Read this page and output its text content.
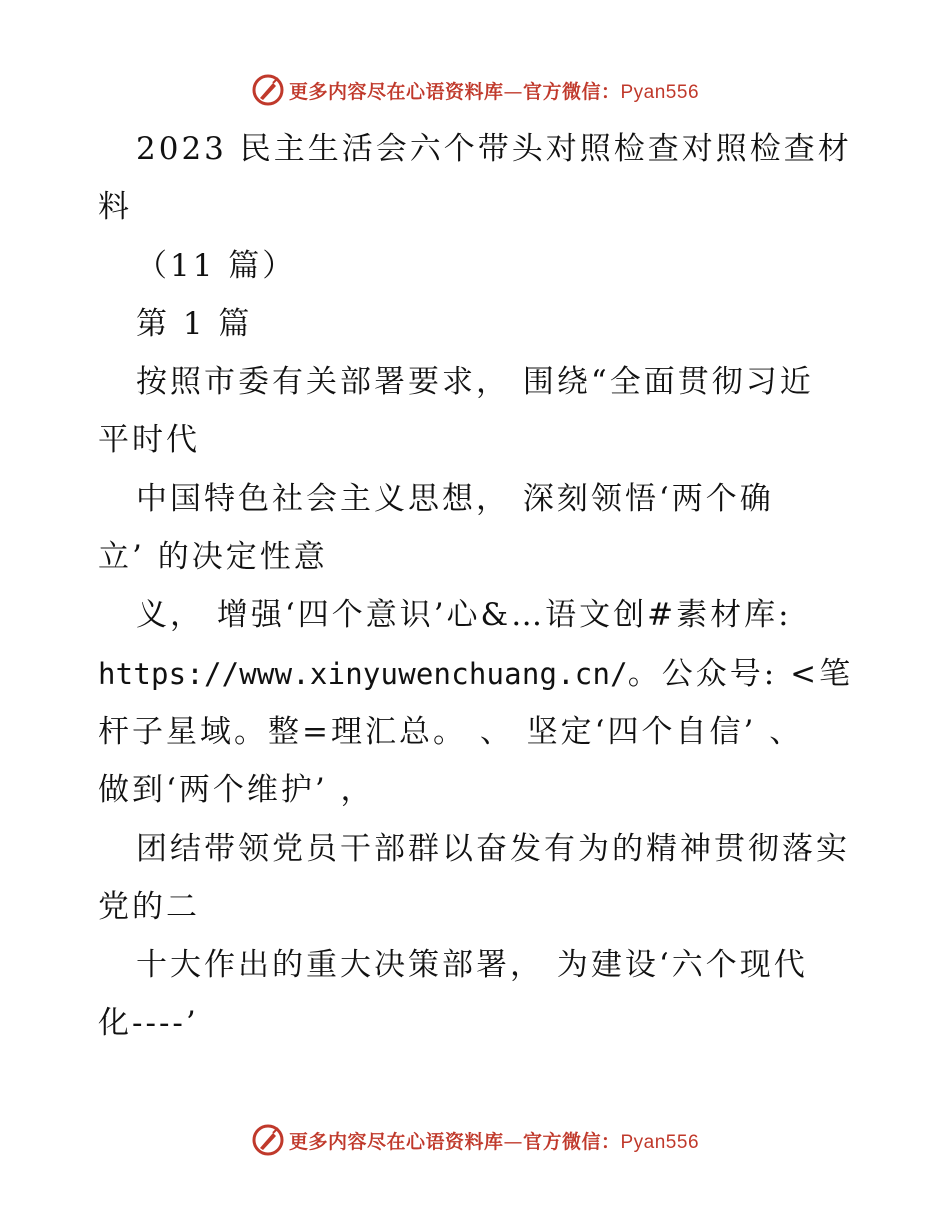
更多内容尽在心语资料库—官方微信：Pyan556
2023 民主生活会六个带头对照检查对照检查材
料
（11 篇）
第 1 篇
按照市委有关部署要求， 围绕“全面贯彻习近
平时代
中国特色社会主义思想， 深刻领悟‘两个确
立’ 的决定性意
义， 增强‘四个意识’心&…语文创#素材库:
https://www.xinyuwenchuang.cn/。公众号: <笔
杆子星域。整=理汇总。 、 坚定‘四个自信’ 、
做到‘两个维护’ ，
团结带领党员干部群以奋发有为的精神贯彻落实
党的二
十大作出的重大决策部署， 为建设‘六个现代
化----’
更多内容尽在心语资料库—官方微信：Pyan556
